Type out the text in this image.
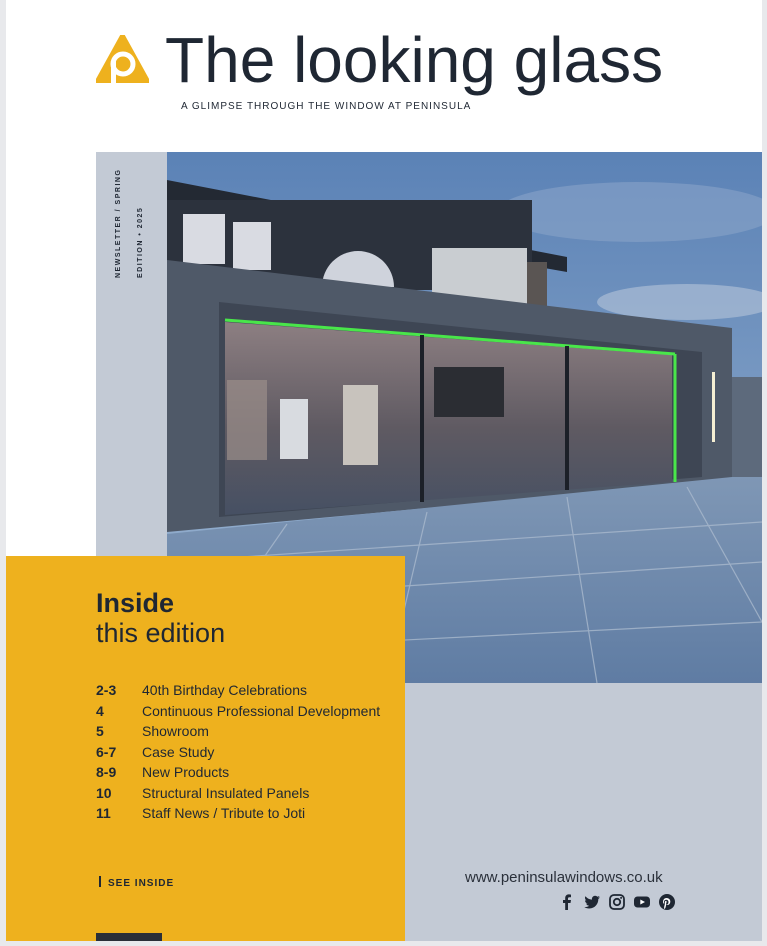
The looking glass
A GLIMPSE THROUGH THE WINDOW AT PENINSULA
NEWSLETTER / SPRING EDITION • 2025
Inside
this edition
2-3	40th Birthday Celebrations
4	Continuous Professional Development
5	Showroom
6-7	Case Study
8-9	New Products
10	Structural Insulated Panels
11	Staff News / Tribute to Joti
SEE INSIDE	www.peninsulawindows.co.uk
